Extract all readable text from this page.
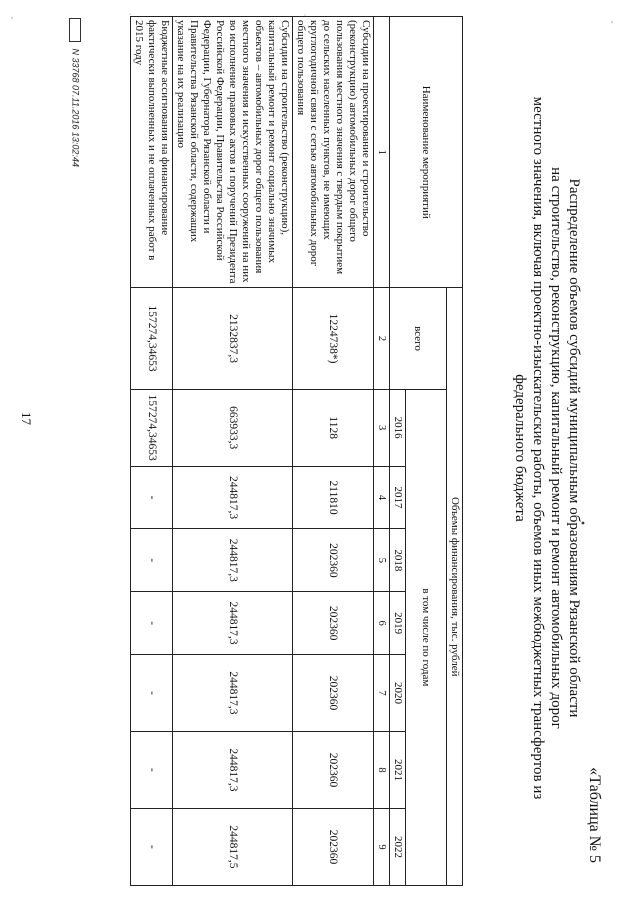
17
«Таблица № 5
Распределение объемов субсидий муниципальным образованиям Рязанской области
на строительство, реконструкцию, капитальный ремонт и ремонт автомобильных дорог
местного значения, включая проектно-изыскательские работы, объемов иных межбюджетных трансфертов из
федерального бюджета
Наименование мероприятий	Объемы финансирования, тыс. рублей							
	всего	в том числе по годам						
		2016	2017	2018	2019	2020	2021	2022
1	2	3	4	5	6	7	8	9
Субсидии на проектирование и строительство (реконструкцию) автомобильных дорог общего пользования местного значения с твердым покрытием до сельских населенных пунктов, не имеющих круглогодичной связи с сетью автомобильных дорог общего пользования	1224738*)	1128	211810	202360	202360	202360	202360	202360
Субсидии на строительство (реконструкцию), капитальный ремонт и ремонт социально значимых объектов – автомобильных дорог общего пользования местного значения и искусственных сооружений на них во исполнение правовых актов и поручений Президента Российской Федерации, Правительства Российской Федерации, Губернатора Рязанской области и Правительства Рязанской области, содержащих указание на их реализацию	2132837,3	663933,3	244817,3	244817,3	244817,3	244817,3	244817,3	244817,5
Бюджетные ассигнования на финансирование фактически выполненных и не оплаченных работ в 2015 году	157274,34653	157274,34653	-	-	-	-	-	-
N 33768 07.11.2016 13:02:44
